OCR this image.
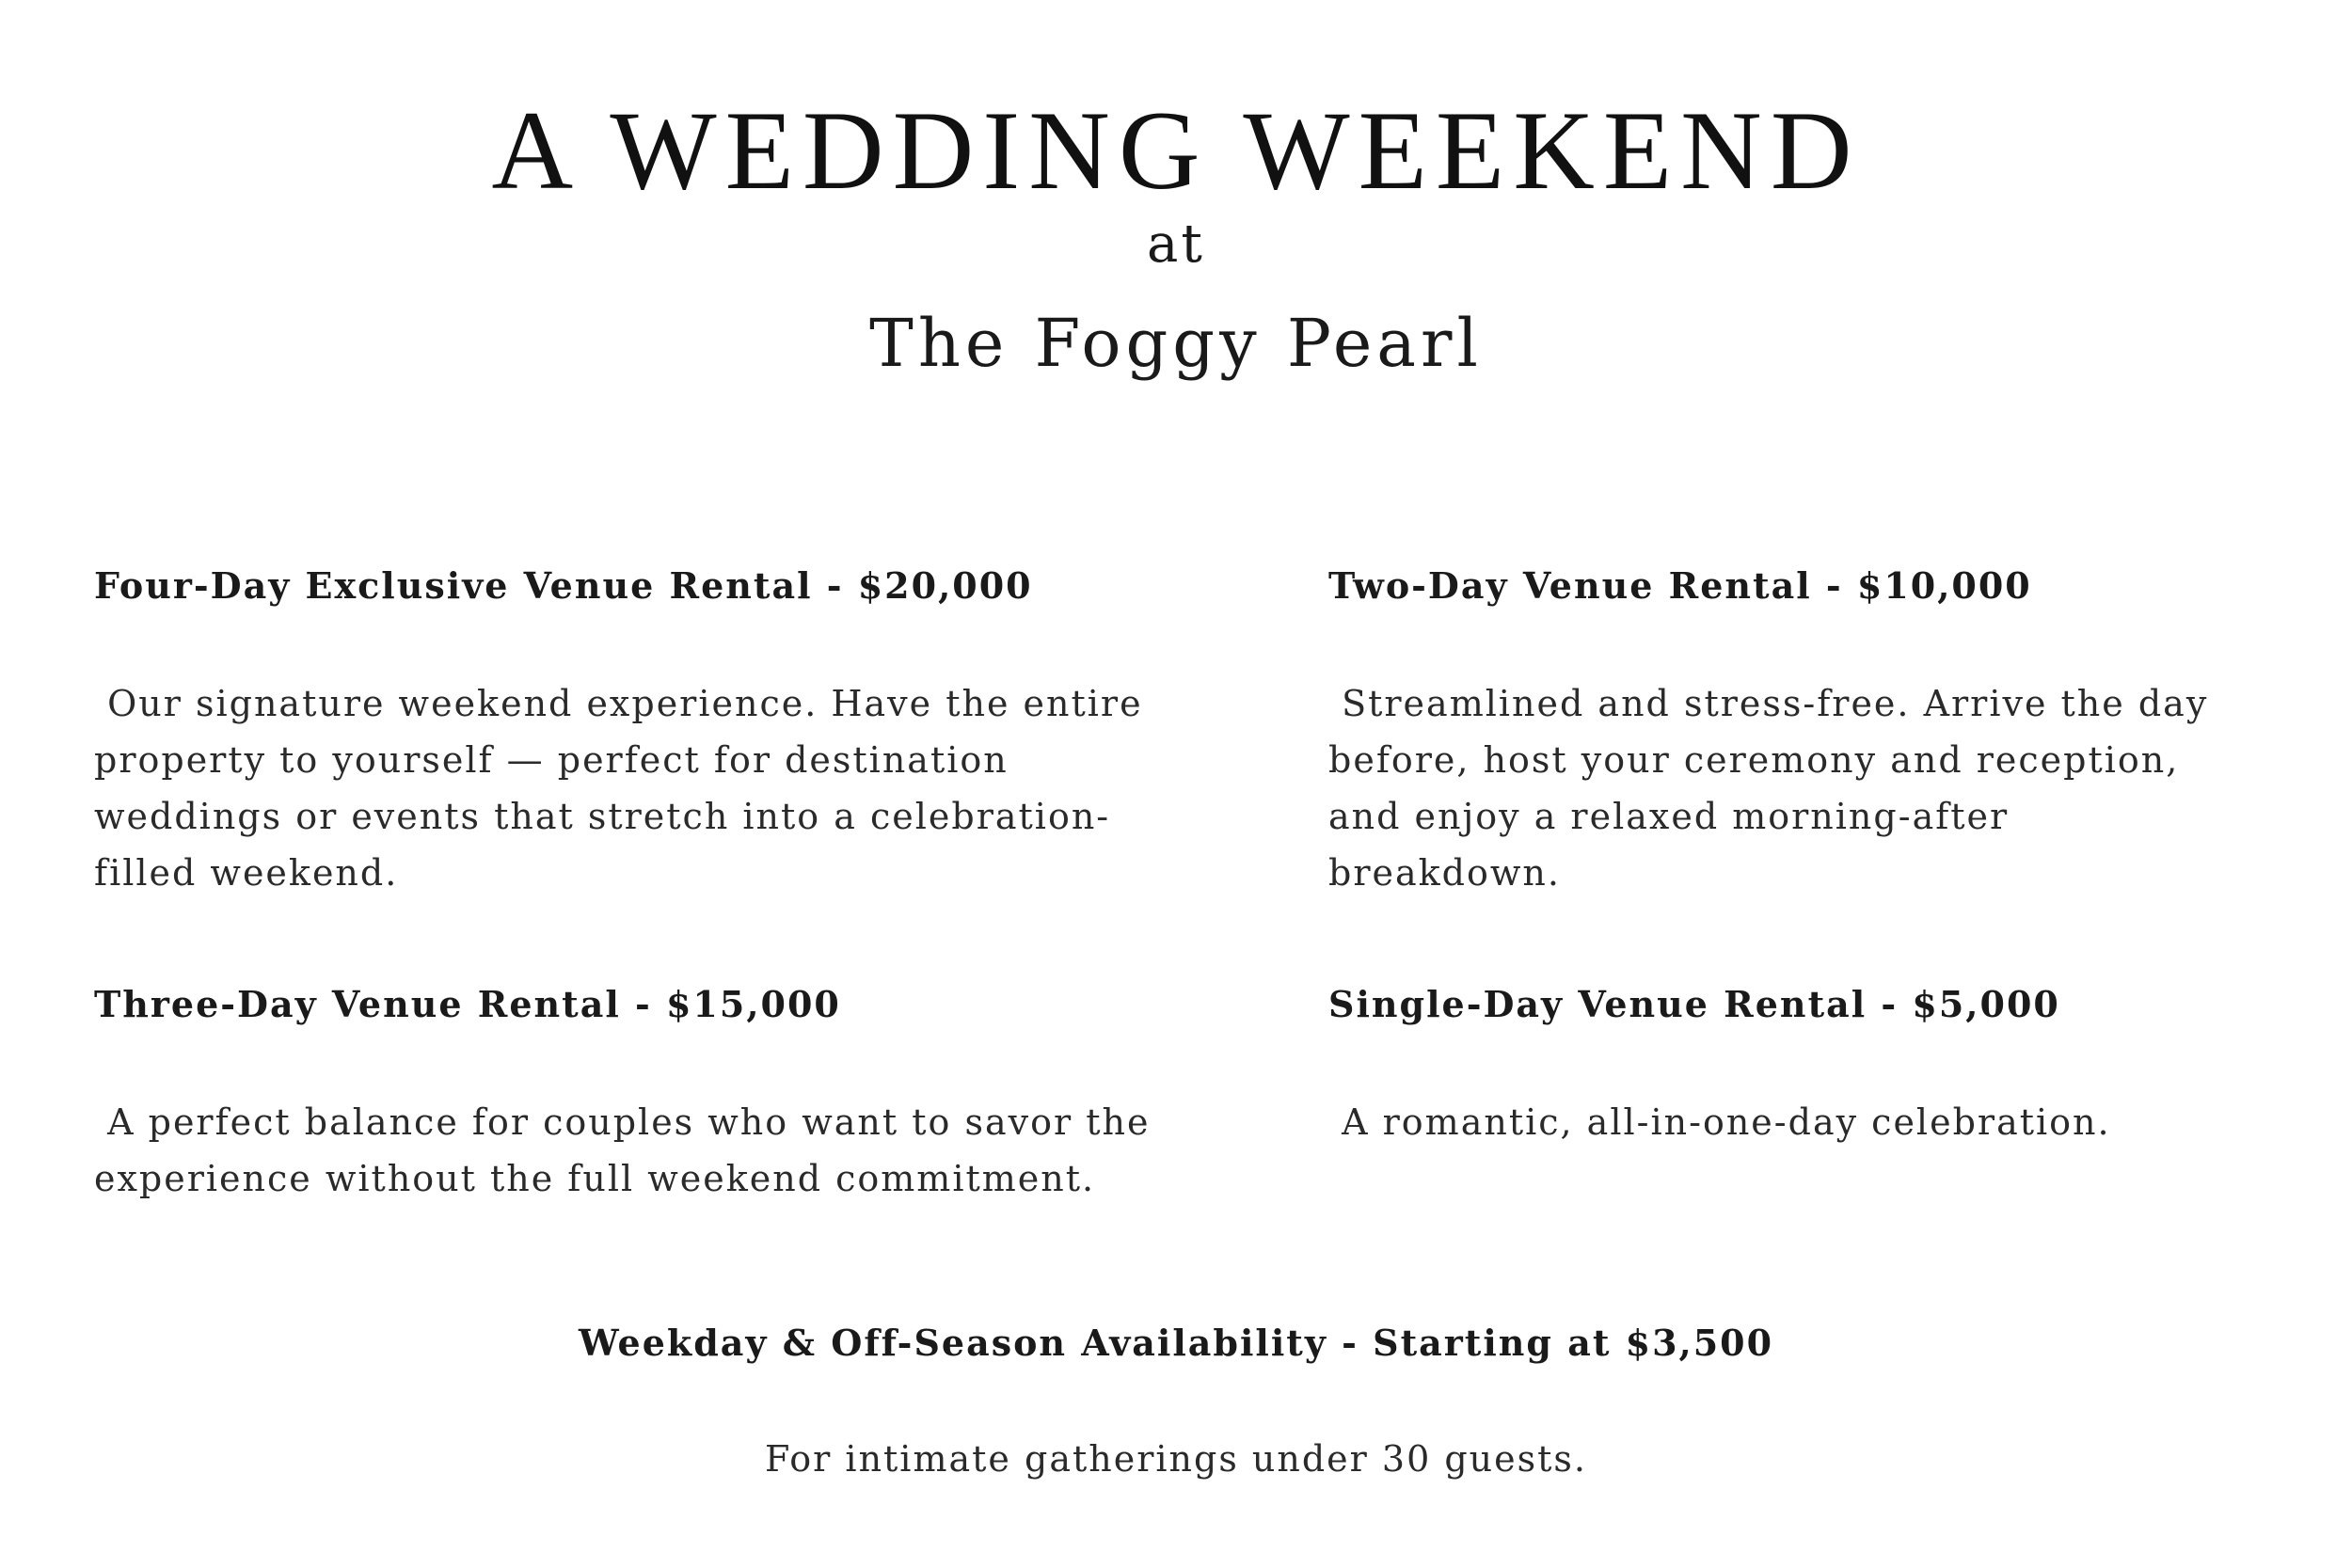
A WEDDING WEEKEND
at
The Foggy Pearl
Four-Day Exclusive Venue Rental - $20,000
Our signature weekend experience. Have the entire
property to yourself — perfect for destination
weddings or events that stretch into a celebration-
filled weekend.
Two-Day Venue Rental - $10,000
Streamlined and stress-free. Arrive the day
before, host your ceremony and reception,
and enjoy a relaxed morning-after
breakdown.
Three-Day Venue Rental - $15,000
A perfect balance for couples who want to savor the
experience without the full weekend commitment.
Single-Day Venue Rental - $5,000
A romantic, all-in-one-day celebration.
Weekday & Off-Season Availability - Starting at $3,500
For intimate gatherings under 30 guests.
